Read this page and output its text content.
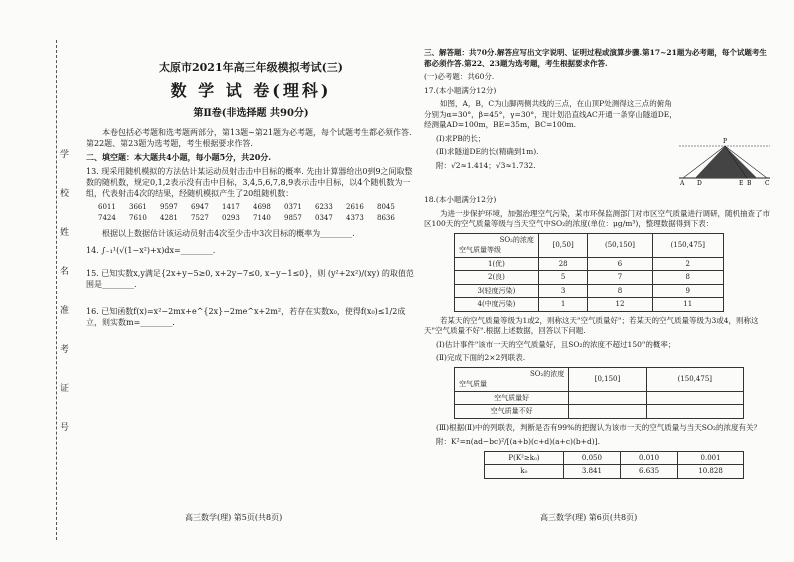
学
校
姓
名
准
考
证
号
太原市2021年高三年级模拟考试(三)
数 学 试 卷(理科)
第Ⅱ卷(非选择题 共90分)

本卷包括必考题和选考题两部分，第13题~第21题为必考题，每个试题考生都必须作答.第22题、第23题为选考题，考生根据要求作答.

二、填空题：本大题共4小题，每小题5分，共20分.

13. 现采用随机模拟的方法估计某运动员射击击中目标的概率. 先由计算器给出0到9之间取整数的随机数，规定0,1,2表示没有击中目标，3,4,5,6,7,8,9表示击中目标，以4个随机数为一组，代表射击4次的结果，经随机模拟产生了20组随机数：

6011	3661	9597	6947	1417	4698	0371	6233	2616	8045
7424	7610	4281	7527	0293	7140	9857	0347	4373	8636

根据以上数据估计该运动员射击4次至少击中3次目标的概率为________.

14. ∫₋₁¹(√(1−x²)+x)dx=________.

15. 已知实数x,y满足{2x+y−5≥0, x+2y−7≤0, x−y−1≤0}，则 (y²+2x²)/(xy) 的取值范围是________.

16. 已知函数f(x)=x²−2mx+e^{2x}−2me^x+2m²，若存在实数x₀，使得f(x₀)≤1/2成立，则实数m=________.

高三数学(理) 第5页(共8页)

三、解答题：共70分.解答应写出文字说明、证明过程或演算步骤.第17~21题为必考题，每个试题考生都必须作答.第22、23题为选考题，考生根据要求作答.

(一)必考题：共60分.

17.(本小题满分12分)

如图，A，B，C为山脚两侧共线的三点，在山顶P处测得这三点的俯角分别为α=30°，β=45°，γ=30°，现计划沿直线AC开通一条穿山隧道DE，经测量AD=100m，BE=35m，BC=100m.

(Ⅰ)求PB的长；

(Ⅱ)求隧道DE的长(精确到1m).

附：√2≈1.414；√3≈1.732.

P
A D	E B C

18.(本小题满分12分)

为进一步保护环境，加强治理空气污染，某市环保监测部门对市区空气质量进行调研，随机抽查了市区100天的空气质量等级与当天空气中SO₂的浓度(单位：μg/m³)，整理数据得到下表：

SO₂的浓度
空气质量等级	[0,50]	(50,150]	(150,475]
1(优)	28	6	2
2(良)	5	7	8
3(轻度污染)	3	8	9
4(中度污染)	1	12	11

若某天的空气质量等级为1或2，则称这天"空气质量好"；若某天的空气质量等级为3或4，则称这天"空气质量不好".根据上述数据，回答以下问题.

(Ⅰ)估计事件"该市一天的空气质量好，且SO₂的浓度不超过150"的概率；

(Ⅱ)完成下面的2×2列联表.

SO₂的浓度
空气质量	[0,150]	(150,475]
空气质量好		
空气质量不好		

(Ⅲ)根据(Ⅱ)中的列联表，判断是否有99%的把握认为该市一天的空气质量与当天SO₂的浓度有关？

附：K²=n(ad−bc)²/[(a+b)(c+d)(a+c)(b+d)].

P(K²≥k₀)	0.050	0.010	0.001
k₀	3.841	6.635	10.828
高三数学(理) 第6页(共8页)
